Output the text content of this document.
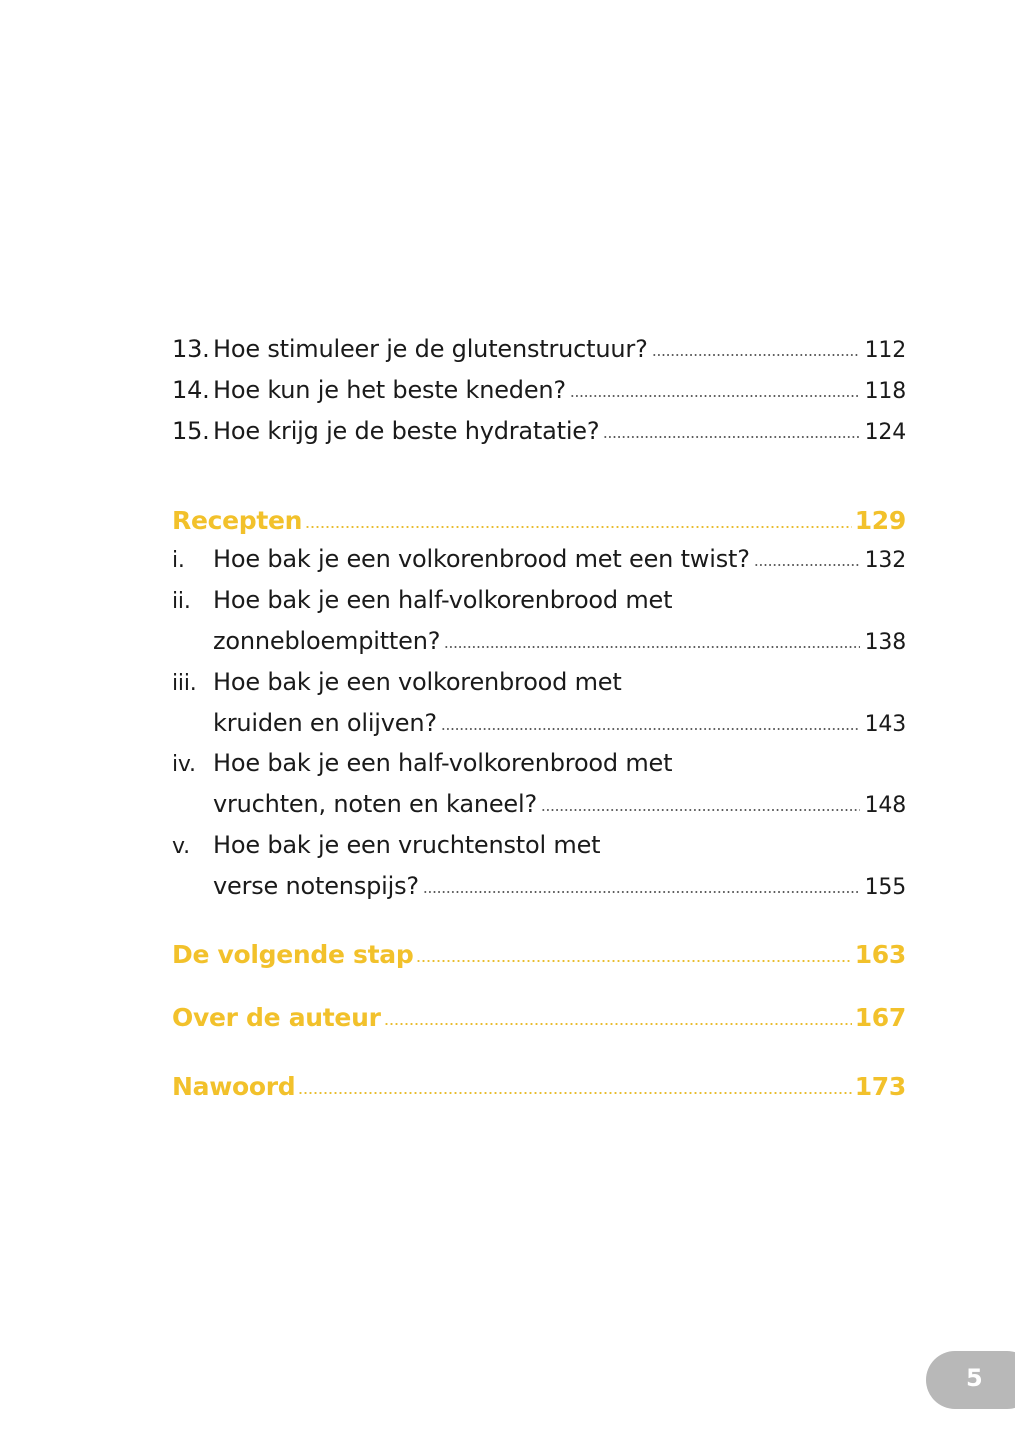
13. Hoe stimuleer je de glutenstructuur?	112
14. Hoe kun je het beste kneden?	118
15. Hoe krijg je de beste hydratatie?	124
Recepten	129
i.	Hoe bak je een volkorenbrood met een twist?	132
ii. Hoe bak je een half-volkorenbrood met
zonnebloempitten?	138
iii. Hoe bak je een volkorenbrood met
kruiden en olijven?	143
iv. Hoe bak je een half-volkorenbrood met
vruchten, noten en kaneel?	148
v. Hoe bak je een vruchtenstol met
verse notenspijs?	155
De volgende stap	163
Over de auteur	167
Nawoord	173
5
